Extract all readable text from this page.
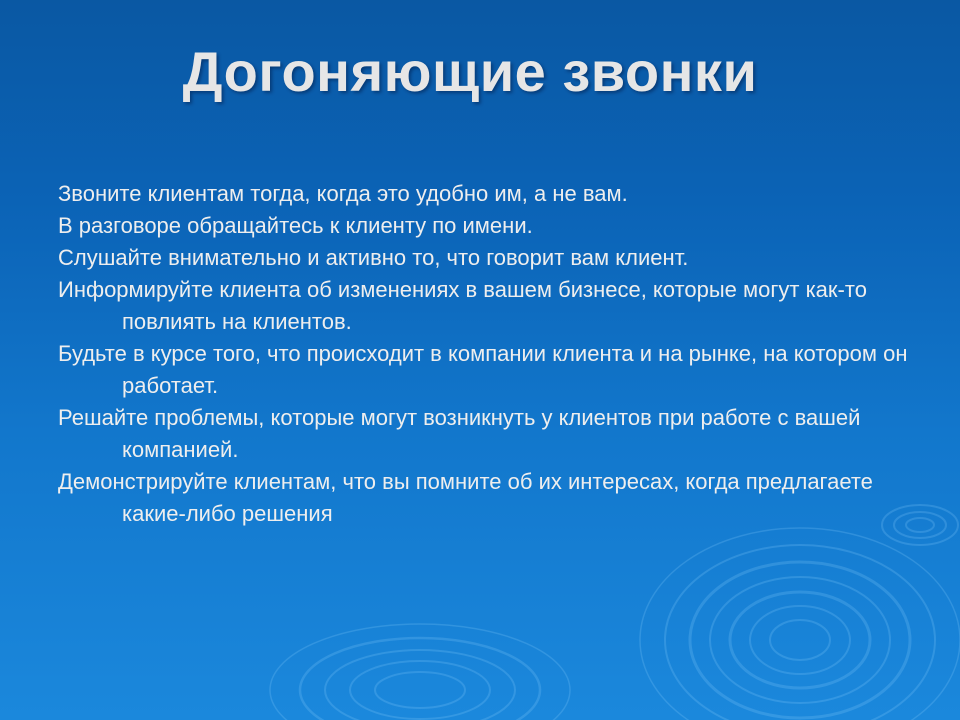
Догоняющие звонки
Звоните клиентам тогда, когда это удобно им, а не вам.
В разговоре обращайтесь к клиенту по имени.
Слушайте внимательно и активно то, что говорит вам клиент.
Информируйте клиента об изменениях в вашем бизнесе, которые могут как-то повлиять на клиентов.
Будьте в курсе того, что происходит в компании клиента и на рынке, на котором он работает.
Решайте проблемы, которые могут возникнуть у клиентов при работе с вашей компанией.
Демонстрируйте клиентам, что вы помните об их интересах, когда предлагаете какие-либо решения
